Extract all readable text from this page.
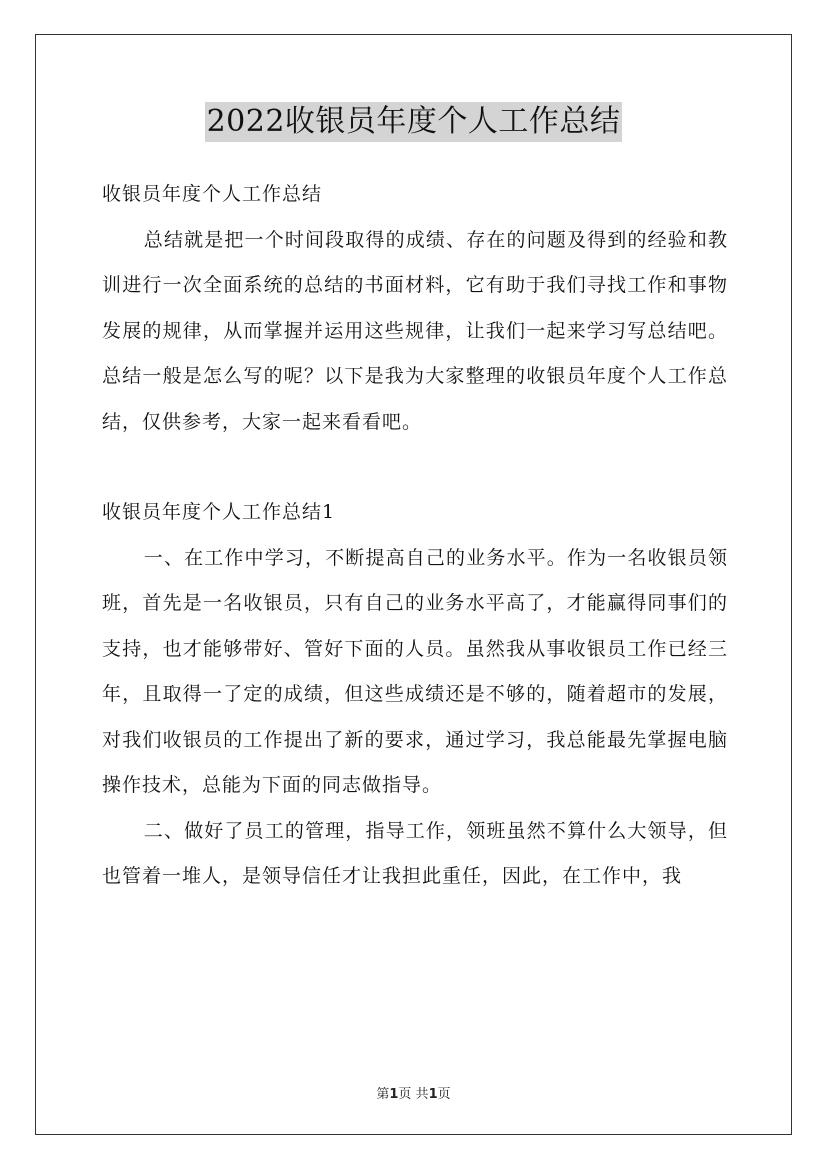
2022收银员年度个人工作总结

收银员年度个人工作总结

总结就是把一个时间段取得的成绩、存在的问题及得到的经验和教训进行一次全面系统的总结的书面材料，它有助于我们寻找工作和事物发展的规律，从而掌握并运用这些规律，让我们一起来学习写总结吧。总结一般是怎么写的呢？以下是我为大家整理的收银员年度个人工作总结，仅供参考，大家一起来看看吧。

收银员年度个人工作总结1

一、在工作中学习，不断提高自己的业务水平。作为一名收银员领班，首先是一名收银员，只有自己的业务水平高了，才能赢得同事们的支持，也才能够带好、管好下面的人员。虽然我从事收银员工作已经三年，且取得一了定的成绩，但这些成绩还是不够的，随着超市的发展，对我们收银员的工作提出了新的要求，通过学习，我总能最先掌握电脑操作技术，总能为下面的同志做指导。

二、做好了员工的管理，指导工作，领班虽然不算什么大领导，但也管着一堆人，是领导信任才让我担此重任，因此，在工作中，我

第1页 共1页
